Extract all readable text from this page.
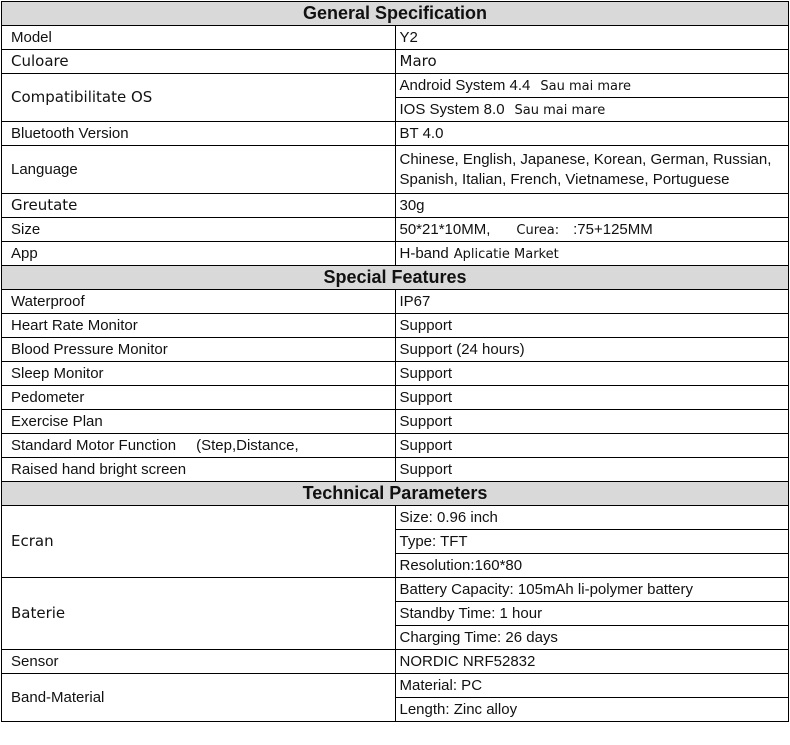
General Specification	
Model	Y2
Culoare	Maro
Compatibilitate OS	Android System 4.4 Sau mai mare
	IOS System 8.0 Sau mai mare
Bluetooth Version	BT 4.0
Language	Chinese, English, Japanese, Korean, German, Russian, Spanish, Italian, French, Vietnamese, Portuguese
Greutate	30g
Size	50*21*10MM, Curea: :75+125MM
App	H-band Aplicatie Market
Special Features	
Waterproof	IP67
Heart Rate Monitor	Support
Blood Pressure Monitor	Support (24 hours)
Sleep Monitor	Support
Pedometer	Support
Exercise Plan	Support
Standard Motor Function (Step,Distance,	Support
Raised hand bright screen	Support
Technical Parameters	
Ecran	Size: 0.96 inch
	Type: TFT
	Resolution:160*80
Baterie	Battery Capacity: 105mAh li-polymer battery
	Standby Time: 1 hour
	Charging Time: 26 days
Sensor	NORDIC NRF52832
Band-Material	Material: PC
	Length: Zinc alloy
